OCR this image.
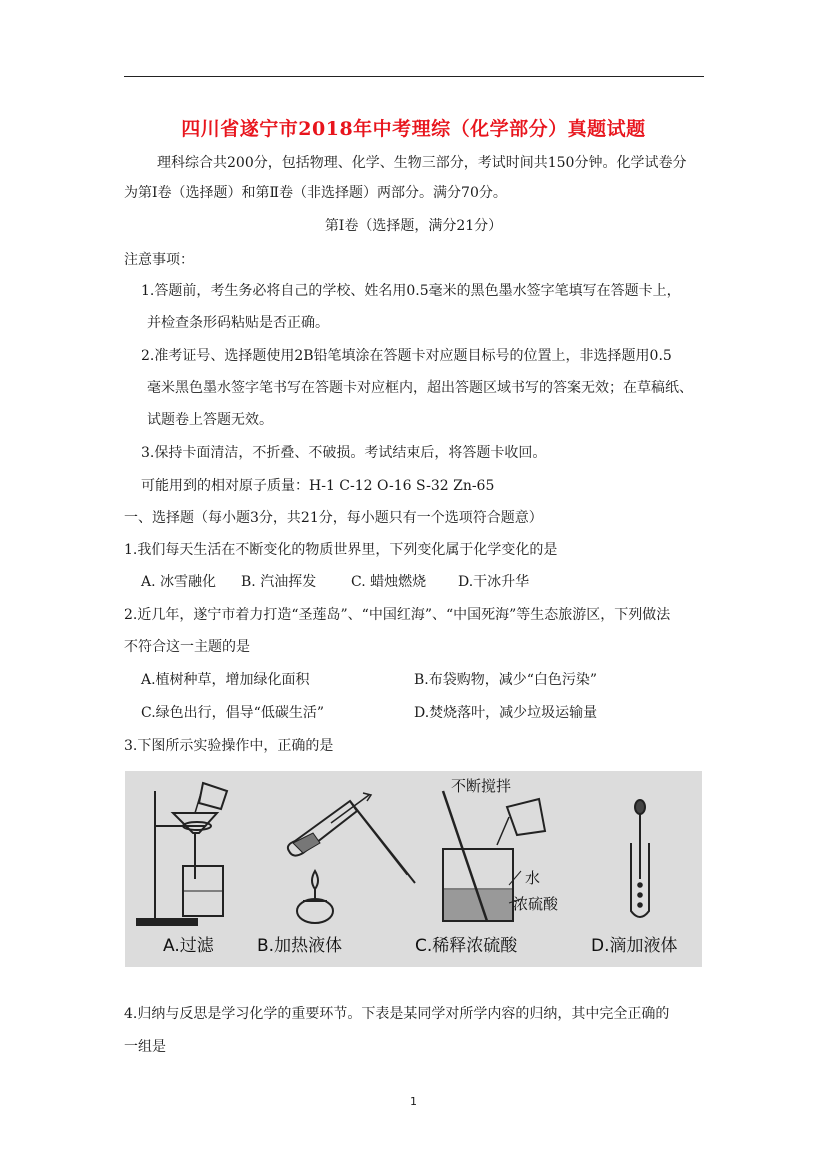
四川省遂宁市2018年中考理综（化学部分）真题试题
理科综合共200分，包括物理、化学、生物三部分，考试时间共150分钟。化学试卷分
为第Ⅰ卷（选择题）和第Ⅱ卷（非选择题）两部分。满分70分。
第Ⅰ卷（选择题，满分21分）
注意事项：
1.答题前，考生务必将自己的学校、姓名用0.5毫米的黑色墨水签字笔填写在答题卡上，
并检查条形码粘贴是否正确。
2.准考证号、选择题使用2B铅笔填涂在答题卡对应题目标号的位置上，非选择题用0.5
毫米黑色墨水签字笔书写在答题卡对应框内，超出答题区域书写的答案无效；在草稿纸、
试题卷上答题无效。
3.保持卡面清洁，不折叠、不破损。考试结束后，将答题卡收回。
可能用到的相对原子质量：H-1 C-12 O-16 S-32 Zn-65
一、选择题（每小题3分，共21分，每小题只有一个选项符合题意）
1.我们每天生活在不断变化的物质世界里，下列变化属于化学变化的是
A. 冰雪融化 B. 汽油挥发 C. 蜡烛燃烧 D.干冰升华
2.近几年，遂宁市着力打造“圣莲岛”、“中国红海”、“中国死海”等生态旅游区，下列做法
不符合这一主题的是
A.植树种草，增加绿化面积	B.布袋购物，减少“白色污染”
C.绿色出行，倡导“低碳生活”	D.焚烧落叶，减少垃圾运输量
3.下图所示实验操作中，正确的是
A.过滤	B.加热液体
不断搅拌
水
浓硫酸
C.稀释浓硫酸	D.滴加液体
4.归纳与反思是学习化学的重要环节。下表是某同学对所学内容的归纳，其中完全正确的
一组是
1
